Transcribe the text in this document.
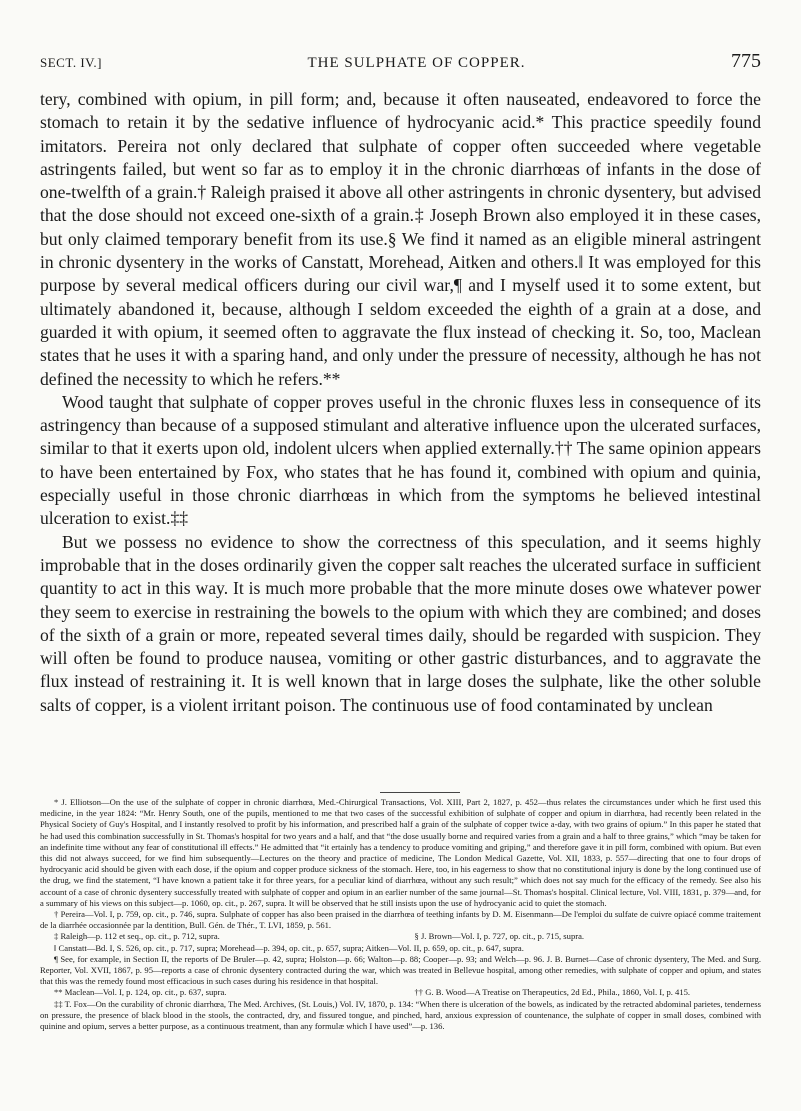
SECT. IV.]	THE SULPHATE OF COPPER.	775

tery, combined with opium, in pill form; and, because it often nauseated, endeavored to force the stomach to retain it by the sedative influence of hydrocyanic acid.* This practice speedily found imitators. Pereira not only declared that sulphate of copper often succeeded where vegetable astringents failed, but went so far as to employ it in the chronic diarrhœas of infants in the dose of one-twelfth of a grain.† Raleigh praised it above all other astringents in chronic dysentery, but advised that the dose should not exceed one-sixth of a grain.‡ Joseph Brown also employed it in these cases, but only claimed temporary benefit from its use.§ We find it named as an eligible mineral astringent in chronic dysentery in the works of Canstatt, Morehead, Aitken and others.‖ It was employed for this purpose by several medical officers during our civil war,¶ and I myself used it to some extent, but ultimately abandoned it, because, although I seldom exceeded the eighth of a grain at a dose, and guarded it with opium, it seemed often to aggravate the flux instead of checking it. So, too, Maclean states that he uses it with a sparing hand, and only under the pressure of necessity, although he has not defined the necessity to which he refers.**

Wood taught that sulphate of copper proves useful in the chronic fluxes less in consequence of its astringency than because of a supposed stimulant and alterative influence upon the ulcerated surfaces, similar to that it exerts upon old, indolent ulcers when applied externally.†† The same opinion appears to have been entertained by Fox, who states that he has found it, combined with opium and quinia, especially useful in those chronic diarrhœas in which from the symptoms he believed intestinal ulceration to exist.‡‡

But we possess no evidence to show the correctness of this speculation, and it seems highly improbable that in the doses ordinarily given the copper salt reaches the ulcerated surface in sufficient quantity to act in this way. It is much more probable that the more minute doses owe whatever power they seem to exercise in restraining the bowels to the opium with which they are combined; and doses of the sixth of a grain or more, repeated several times daily, should be regarded with suspicion. They will often be found to produce nausea, vomiting or other gastric disturbances, and to aggravate the flux instead of restraining it. It is well known that in large doses the sulphate, like the other soluble salts of copper, is a violent irritant poison. The continuous use of food contaminated by unclean

* J. Elliotson—On the use of the sulphate of copper in chronic diarrhœa, Med.-Chirurgical Transactions, Vol. XIII, Part 2, 1827, p. 452—thus relates the circumstances under which he first used this medicine, in the year 1824: “Mr. Henry South, one of the pupils, mentioned to me that two cases of the successful exhibition of sulphate of copper and opium in diarrhœa, had recently been related in the Physical Society of Guy's Hospital, and I instantly resolved to profit by his information, and prescribed half a grain of the sulphate of copper twice a-day, with two grains of opium.” In this paper he stated that he had used this combination successfully in St. Thomas's hospital for two years and a half, and that “the dose usually borne and required varies from a grain and a half to three grains,” which “may be taken for an indefinite time without any fear of constitutional ill effects.” He admitted that “it ertainly has a tendency to produce vomiting and griping,” and therefore gave it in pill form, combined with opium. But even this did not always succeed, for we find him subsequently—Lectures on the theory and practice of medicine, The London Medical Gazette, Vol. XII, 1833, p. 557—directing that one to four drops of hydrocyanic acid should be given with each dose, if the opium and copper produce sickness of the stomach. Here, too, in his eagerness to show that no constitutional injury is done by the long continued use of the drug, we find the statement, “I have known a patient take it for three years, for a peculiar kind of diarrhœa, without any such result;” which does not say much for the efficacy of the remedy. See also his account of a case of chronic dysentery successfully treated with sulphate of copper and opium in an earlier number of the same journal—St. Thomas's hospital. Clinical lecture, Vol. VIII, 1831, p. 379—and, for a summary of his views on this subject—p. 1060, op. cit., p. 267, supra. It will be observed that he still insists upon the use of hydrocyanic acid to quiet the stomach.

† Pereira—Vol. I, p. 759, op. cit., p. 746, supra. Sulphate of copper has also been praised in the diarrhœa of teething infants by D. M. Eisenmann—De l'emploi du sulfate de cuivre opiacé comme traitement de la diarrhée occasionnée par la dentition, Bull. Gén. de Thér., T. LVI, 1859, p. 561.

‡ Raleigh—p. 112 et seq., op. cit., p. 712, supra.	§ J. Brown—Vol. I, p. 727, op. cit., p. 715, supra.

‖ Canstatt—Bd. I, S. 526, op. cit., p. 717, supra; Morehead—p. 394, op. cit., p. 657, supra; Aitken—Vol. II, p. 659, op. cit., p. 647, supra.

¶ See, for example, in Section II, the reports of De Bruler—p. 42, supra; Holston—p. 66; Walton—p. 88; Cooper—p. 93; and Welch—p. 96. J. B. Burnet—Case of chronic dysentery, The Med. and Surg. Reporter, Vol. XVII, 1867, p. 95—reports a case of chronic dysentery contracted during the war, which was treated in Bellevue hospital, among other remedies, with sulphate of copper and opium, and states that this was the remedy found most efficacious in such cases during his residence in that hospital.

** Maclean—Vol. I, p. 124, op. cit., p. 637, supra.	†† G. B. Wood—A Treatise on Therapeutics, 2d Ed., Phila., 1860, Vol. I, p. 415.

‡‡ T. Fox—On the curability of chronic diarrhœa, The Med. Archives, (St. Louis,) Vol. IV, 1870, p. 134: “When there is ulceration of the bowels, as indicated by the retracted abdominal parietes, tenderness on pressure, the presence of black blood in the stools, the contracted, dry, and fissured tongue, and pinched, hard, anxious expression of countenance, the sulphate of copper in small doses, combined with quinine and opium, serves a better purpose, as a continuous treatment, than any formulæ which I have used”—p. 136.
